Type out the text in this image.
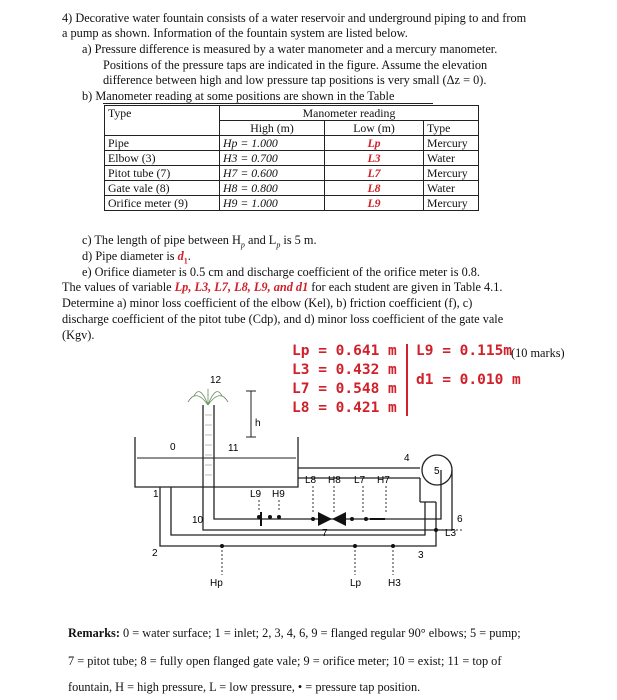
4) Decorative water fountain consists of a water reservoir and underground piping to and from
a pump as shown. Information of the fountain system are listed below.
a) Pressure difference is measured by a water manometer and a mercury manometer.
Positions of the pressure taps are indicated in the figure. Assume the elevation
difference between high and low pressure tap positions is very small (Δz = 0).
b) Manometer reading at some positions are shown in the Table
Type	Manometer reading		
	High (m)	Low (m)	Type
Pipe	Hp = 1.000	Lp	Mercury
Elbow (3)	H3 = 0.700	L3	Water
Pitot tube (7)	H7 = 0.600	L7	Mercury
Gate vale (8)	H8 = 0.800	L8	Water
Orifice meter (9)	H9 = 1.000	L9	Mercury
c) The length of pipe between $H_p$ and $L_p$ is 5 m.
d) Pipe diameter is $d_1$.
e) Orifice diameter is 0.5 cm and discharge coefficient of the orifice meter is 0.8.
The values of variable Lp, L3, L7, L8, L9, and d1 for each student are given in Table 4.1.
Determine a) minor loss coefficient of the elbow (Kel), b) friction coefficient (f), c)
discharge coefficient of the pitot tube (Cdp), and d) minor loss coefficient of the gate vale
(Kgv).
(10 marks)
Lp = 0.641 m
L3 = 0.432 m
L7 = 0.548 m
L8 = 0.421 m
L9 = 0.115m
d1 = 0.010 m
0
1
2	3
4
5
6
7
10
11
12
h
L8 H8 L7 H7
L9 H9
L3
Hp	Lp	H3
Remarks: 0 = water surface; 1 = inlet; 2, 3, 4, 6, 9 = flanged regular 90° elbows; 5 = pump;
7 = pitot tube; 8 = fully open flanged gate vale; 9 = orifice meter; 10 = exist; 11 = top of
fountain, H = high pressure, L = low pressure, • = pressure tap position.
